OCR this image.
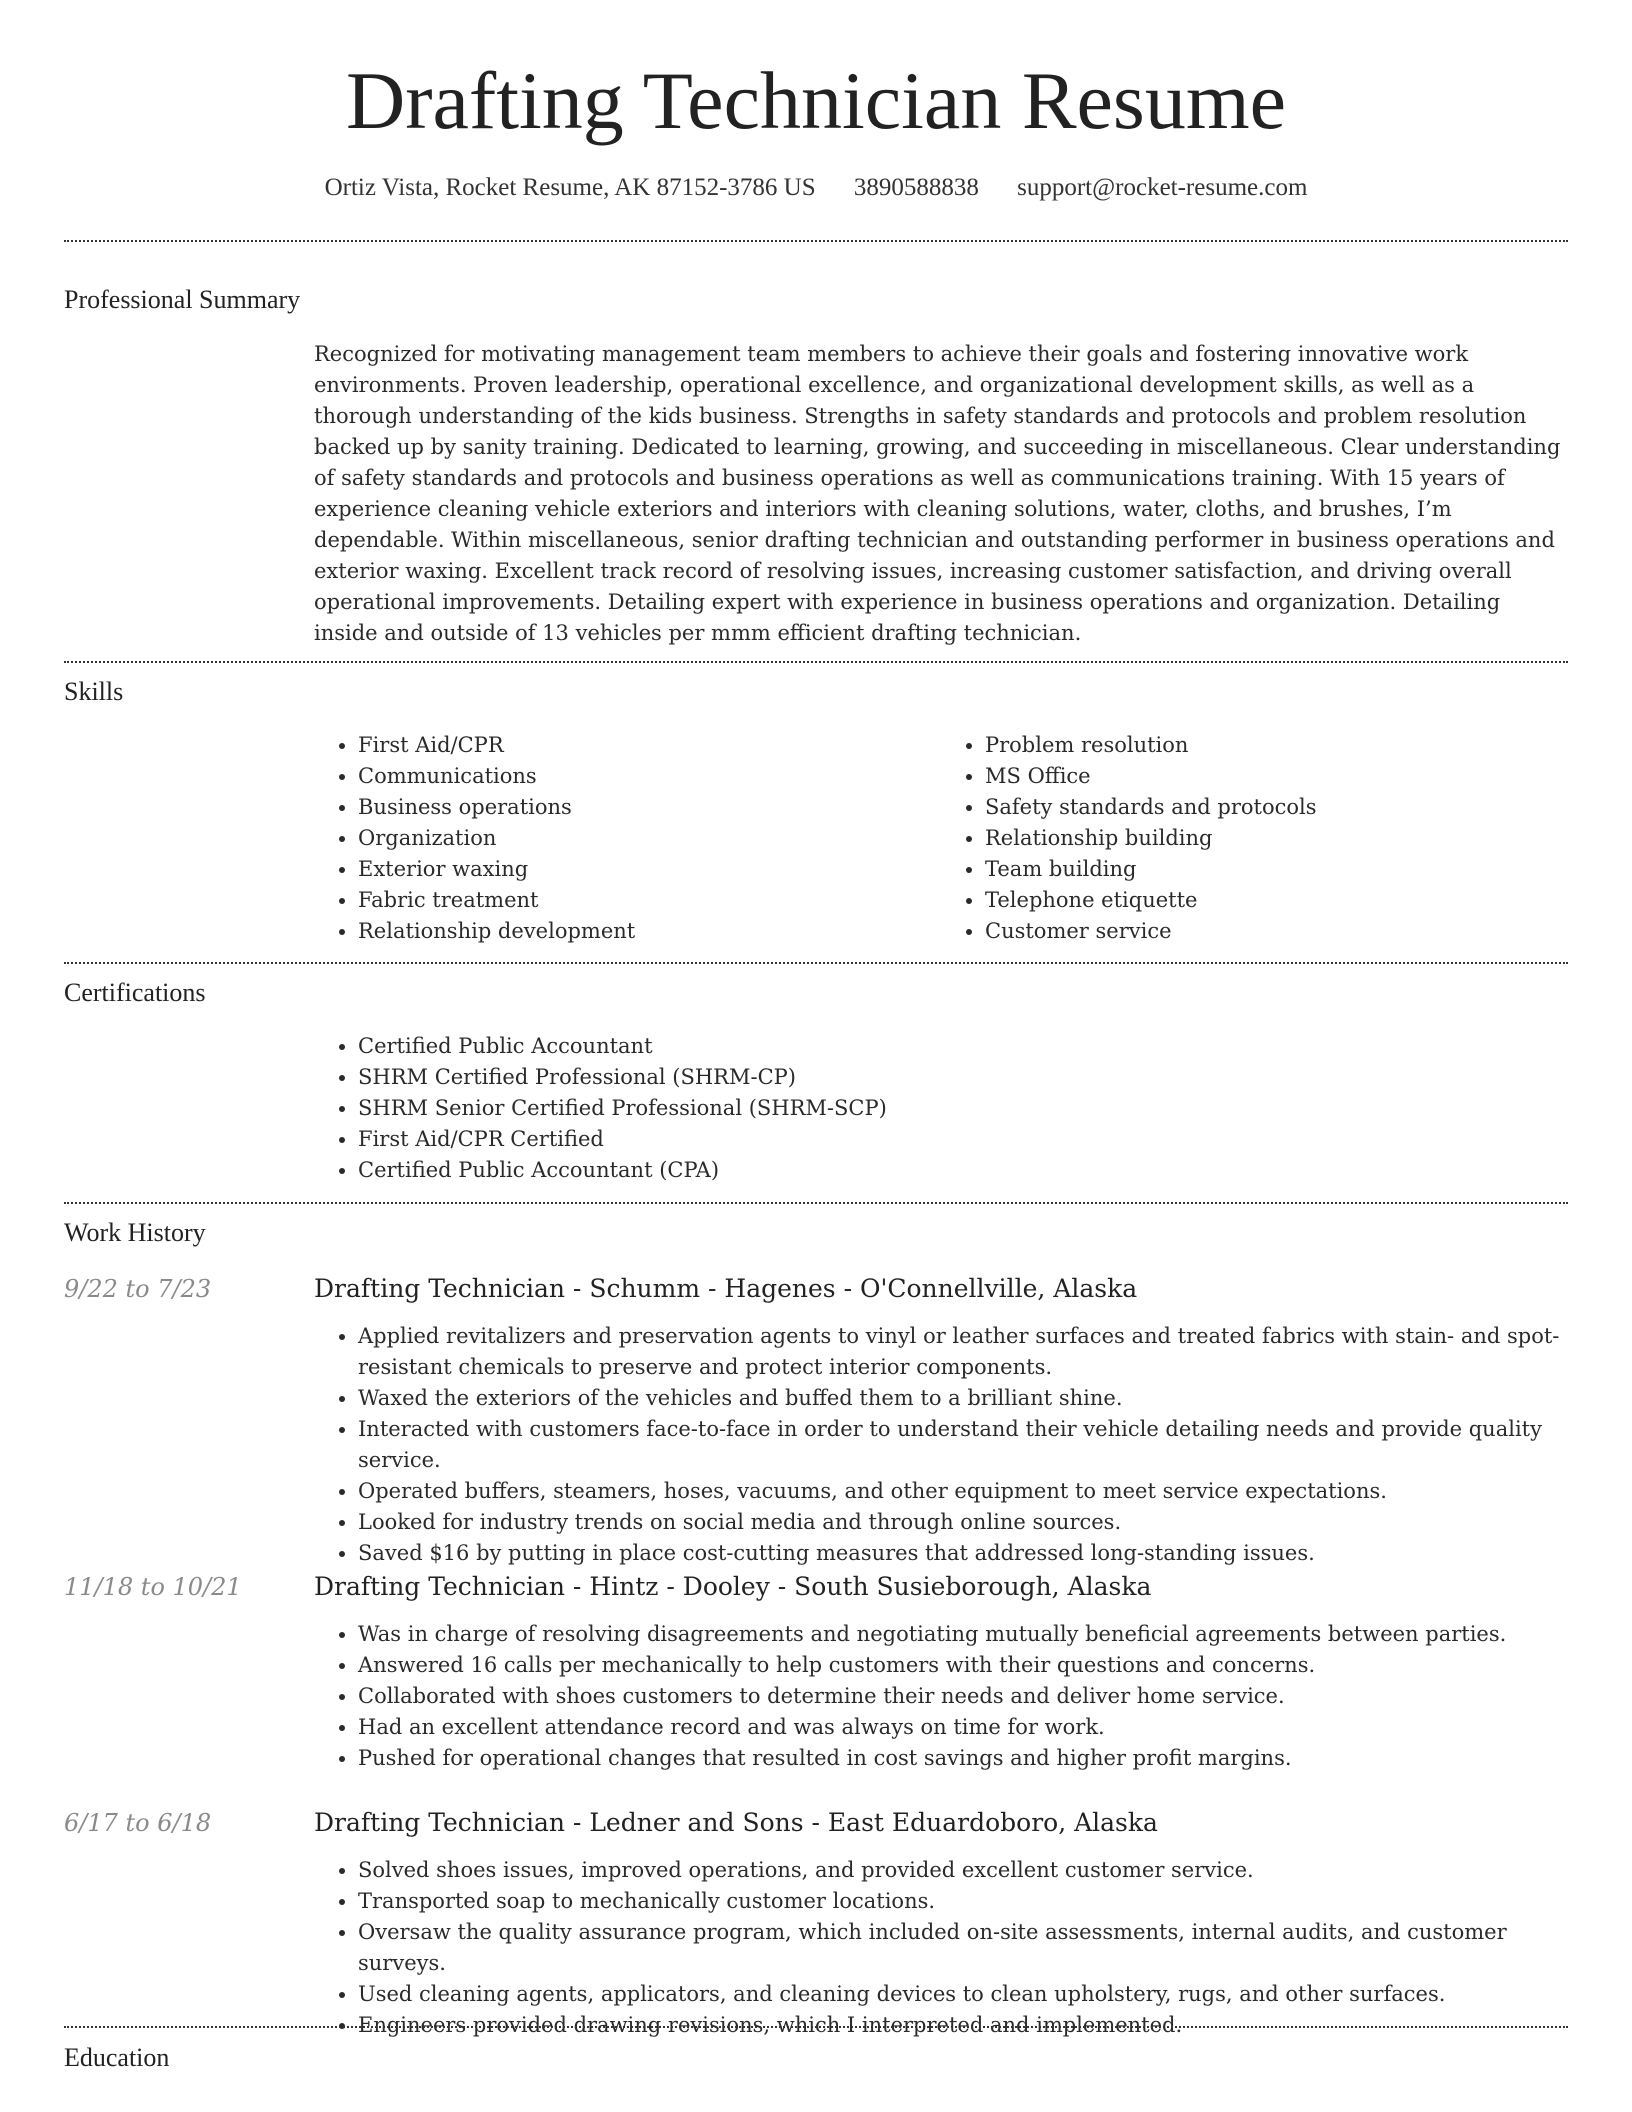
Drafting Technician Resume
Ortiz Vista, Rocket Resume, AK 87152-3786 US 3890588838 support@rocket-resume.com
Professional Summary

Recognized for motivating management team members to achieve their goals and fostering innovative work environments. Proven leadership, operational excellence, and organizational development skills, as well as a thorough understanding of the kids business. Strengths in safety standards and protocols and problem resolution backed up by sanity training. Dedicated to learning, growing, and succeeding in miscellaneous. Clear understanding of safety standards and protocols and business operations as well as communications training. With 15 years of experience cleaning vehicle exteriors and interiors with cleaning solutions, water, cloths, and brushes, I’m dependable. Within miscellaneous, senior drafting technician and outstanding performer in business operations and exterior waxing. Excellent track record of resolving issues, increasing customer satisfaction, and driving overall operational improvements. Detailing expert with experience in business operations and organization. Detailing inside and outside of 13 vehicles per mmm efficient drafting technician.

Skills
• First Aid/CPR
• Communications
• Business operations
• Organization
• Exterior waxing
• Fabric treatment
• Relationship development
• Problem resolution
• MS Office
• Safety standards and protocols
• Relationship building
• Team building
• Telephone etiquette
• Customer service
Certifications
• Certified Public Accountant
• SHRM Certified Professional (SHRM-CP)
• SHRM Senior Certified Professional (SHRM-SCP)
• First Aid/CPR Certified
• Certified Public Accountant (CPA)
Work History
9/22 to 7/23	Drafting Technician - Schumm - Hagenes - O'Connellville, Alaska
• Applied revitalizers and preservation agents to vinyl or leather surfaces and treated fabrics with stain- and spot-resistant chemicals to preserve and protect interior components.
• Waxed the exteriors of the vehicles and buffed them to a brilliant shine.
• Interacted with customers face-to-face in order to understand their vehicle detailing needs and provide quality service.
• Operated buffers, steamers, hoses, vacuums, and other equipment to meet service expectations.
• Looked for industry trends on social media and through online sources.
• Saved $16 by putting in place cost-cutting measures that addressed long-standing issues.
11/18 to 10/21	Drafting Technician - Hintz - Dooley - South Susieborough, Alaska
• Was in charge of resolving disagreements and negotiating mutually beneficial agreements between parties.
• Answered 16 calls per mechanically to help customers with their questions and concerns.
• Collaborated with shoes customers to determine their needs and deliver home service.
• Had an excellent attendance record and was always on time for work.
• Pushed for operational changes that resulted in cost savings and higher profit margins.
6/17 to 6/18	Drafting Technician - Ledner and Sons - East Eduardoboro, Alaska
• Solved shoes issues, improved operations, and provided excellent customer service.
• Transported soap to mechanically customer locations.
• Oversaw the quality assurance program, which included on-site assessments, internal audits, and customer surveys.
• Used cleaning agents, applicators, and cleaning devices to clean upholstery, rugs, and other surfaces.
• Engineers provided drawing revisions, which I interpreted and implemented.
Education
